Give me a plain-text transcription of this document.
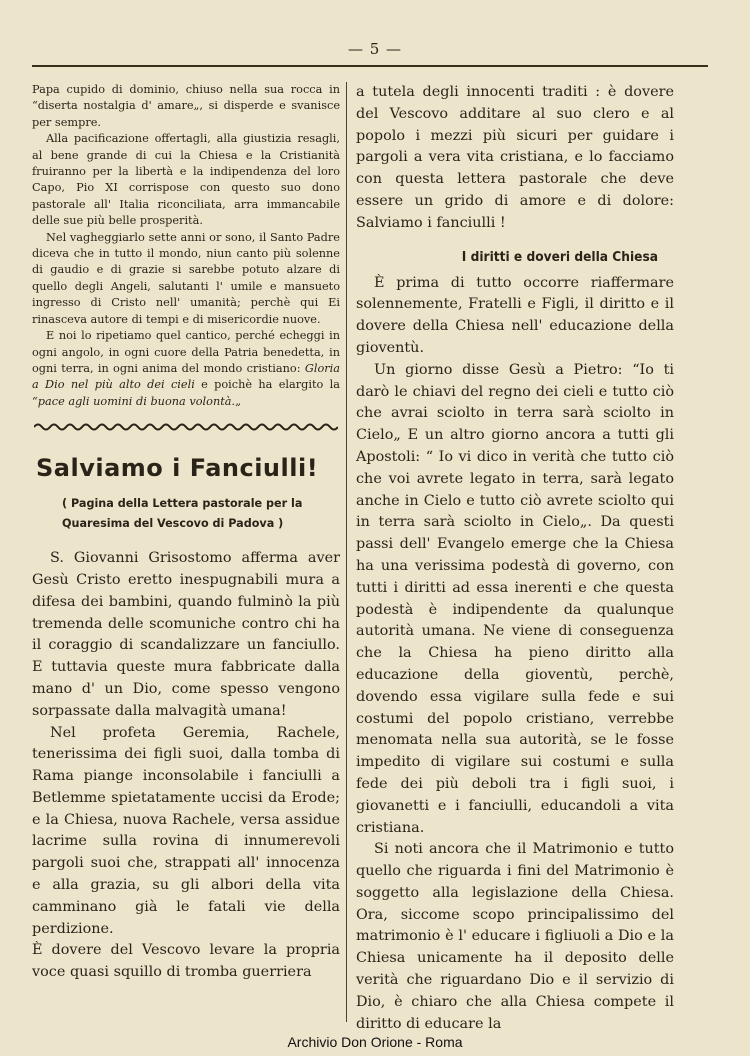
— 5 —

Papa cupido di dominio, chiuso nella sua rocca in “diserta nostalgia d' amare„, si disperde e svanisce per sempre.

Alla pacificazione offertagli, alla giustizia resagli, al bene grande di cui la Chiesa e la Cristianità fruiranno per la libertà e la indipendenza del loro Capo, Pio XI corrispose con questo suo dono pastorale all' Italia riconciliata, arra immancabile delle sue più belle prosperità.

Nel vagheggiarlo sette anni or sono, il Santo Padre diceva che in tutto il mondo, niun canto più solenne di gaudio e di grazie si sarebbe potuto alzare di quello degli Angeli, salutanti l' umile e mansueto ingresso di Cristo nell' umanità; perchè qui Ei rinasceva autore di tempi e di misericordie nuove.

E noi lo ripetiamo quel cantico, perché echeggi in ogni angolo, in ogni cuore della Patria benedetta, in ogni terra, in ogni anima del mondo cristiano: Gloria a Dio nel più alto dei cieli e poichè ha elargito la “pace agli uomini di buona volontà.„

Salviamo i Fanciulli!
( Pagina della Lettera pastorale per la Quaresima del Vescovo di Padova )

S. Giovanni Grisostomo afferma aver Gesù Cristo eretto inespugnabili mura a difesa dei bambini, quando fulminò la più tremenda delle scomuniche contro chi ha il coraggio di scandalizzare un fanciullo. E tuttavia queste mura fabbricate dalla mano d' un Dio, come spesso vengono sorpassate dalla malvagità umana!

Nel profeta Geremia, Rachele, tenerissima dei figli suoi, dalla tomba di Rama piange inconsolabile i fanciulli a Betlemme spietatamente uccisi da Erode; e la Chiesa, nuova Rachele, versa assidue lacrime sulla rovina di innumerevoli pargoli suoi che, strappati all' innocenza e alla grazia, su gli albori della vita camminano già le fatali vie della perdizione.

È dovere del Vescovo levare la propria voce quasi squillo di tromba guerriera

a tutela degli innocenti traditi : è dovere del Vescovo additare al suo clero e al popolo i mezzi più sicuri per guidare i pargoli a vera vita cristiana, e lo facciamo con questa lettera pastorale che deve essere un grido di amore e di dolore: Salviamo i fanciulli !

I diritti e doveri della Chiesa

È prima di tutto occorre riaffermare solennemente, Fratelli e Figli, il diritto e il dovere della Chiesa nell' educazione della gioventù.

Un giorno disse Gesù a Pietro: “Io ti darò le chiavi del regno dei cieli e tutto ciò che avrai sciolto in terra sarà sciolto in Cielo„ E un altro giorno ancora a tutti gli Apostoli: “ Io vi dico in verità che tutto ciò che voi avrete legato in terra, sarà legato anche in Cielo e tutto ciò avrete sciolto qui in terra sarà sciolto in Cielo„. Da questi passi dell' Evangelo emerge che la Chiesa ha una verissima podestà di governo, con tutti i diritti ad essa inerenti e che questa podestà è indipendente da qualunque autorità umana. Ne viene di conseguenza che la Chiesa ha pieno diritto alla educazione della gioventù, perchè, dovendo essa vigilare sulla fede e sui costumi del popolo cristiano, verrebbe menomata nella sua autorità, se le fosse impedito di vigilare sui costumi e sulla fede dei più deboli tra i figli suoi, i giovanetti e i fanciulli, educandoli a vita cristiana.

Si noti ancora che il Matrimonio e tutto quello che riguarda i fini del Matrimonio è soggetto alla legislazione della Chiesa. Ora, siccome scopo principalissimo del matrimonio è l' educare i figliuoli a Dio e la Chiesa unicamente ha il deposito delle verità che riguardano Dio e il servizio di Dio, è chiaro che alla Chiesa compete il diritto di educare la

Archivio Don Orione - Roma
